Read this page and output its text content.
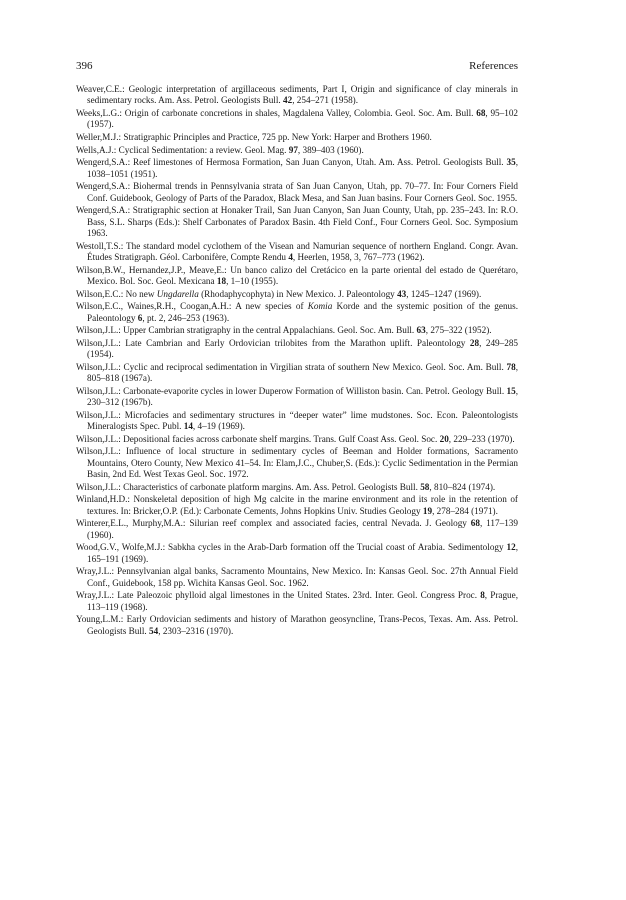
396	References

Weaver,C.E.: Geologic interpretation of argillaceous sediments, Part I, Origin and significance of clay minerals in sedimentary rocks. Am. Ass. Petrol. Geologists Bull. 42, 254–271 (1958).

Weeks,L.G.: Origin of carbonate concretions in shales, Magdalena Valley, Colombia. Geol. Soc. Am. Bull. 68, 95–102 (1957).

Weller,M.J.: Stratigraphic Principles and Practice, 725 pp. New York: Harper and Brothers 1960.

Wells,A.J.: Cyclical Sedimentation: a review. Geol. Mag. 97, 389–403 (1960).

Wengerd,S.A.: Reef limestones of Hermosa Formation, San Juan Canyon, Utah. Am. Ass. Petrol. Geologists Bull. 35, 1038–1051 (1951).

Wengerd,S.A.: Biohermal trends in Pennsylvania strata of San Juan Canyon, Utah, pp. 70–77. In: Four Corners Field Conf. Guidebook, Geology of Parts of the Paradox, Black Mesa, and San Juan basins. Four Corners Geol. Soc. 1955.

Wengerd,S.A.: Stratigraphic section at Honaker Trail, San Juan Canyon, San Juan County, Utah, pp. 235–243. In: R.O. Bass, S.L. Sharps (Eds.): Shelf Carbonates of Paradox Basin. 4th Field Conf., Four Corners Geol. Soc. Symposium 1963.

Westoll,T.S.: The standard model cyclothem of the Visean and Namurian sequence of northern England. Congr. Avan. Études Stratigraph. Géol. Carbonifère, Compte Rendu 4, Heerlen, 1958, 3, 767–773 (1962).

Wilson,B.W., Hernandez,J.P., Meave,E.: Un banco calizo del Cretácico en la parte oriental del estado de Querétaro, Mexico. Bol. Soc. Geol. Mexicana 18, 1–10 (1955).

Wilson,E.C.: No new Ungdarella (Rhodaphycophyta) in New Mexico. J. Paleontology 43, 1245–1247 (1969).

Wilson,E.C., Waines,R.H., Coogan,A.H.: A new species of Komia Korde and the systemic position of the genus. Paleontology 6, pt. 2, 246–253 (1963).

Wilson,J.L.: Upper Cambrian stratigraphy in the central Appalachians. Geol. Soc. Am. Bull. 63, 275–322 (1952).

Wilson,J.L.: Late Cambrian and Early Ordovician trilobites from the Marathon uplift. Paleontology 28, 249–285 (1954).

Wilson,J.L.: Cyclic and reciprocal sedimentation in Virgilian strata of southern New Mexico. Geol. Soc. Am. Bull. 78, 805–818 (1967a).

Wilson,J.L.: Carbonate-evaporite cycles in lower Duperow Formation of Williston basin. Can. Petrol. Geology Bull. 15, 230–312 (1967b).

Wilson,J.L.: Microfacies and sedimentary structures in “deeper water” lime mudstones. Soc. Econ. Paleontologists Mineralogists Spec. Publ. 14, 4–19 (1969).

Wilson,J.L.: Depositional facies across carbonate shelf margins. Trans. Gulf Coast Ass. Geol. Soc. 20, 229–233 (1970).

Wilson,J.L.: Influence of local structure in sedimentary cycles of Beeman and Holder formations, Sacramento Mountains, Otero County, New Mexico 41–54. In: Elam,J.C., Chuber,S. (Eds.): Cyclic Sedimentation in the Permian Basin, 2nd Ed. West Texas Geol. Soc. 1972.

Wilson,J.L.: Characteristics of carbonate platform margins. Am. Ass. Petrol. Geologists Bull. 58, 810–824 (1974).

Winland,H.D.: Nonskeletal deposition of high Mg calcite in the marine environment and its role in the retention of textures. In: Bricker,O.P. (Ed.): Carbonate Cements, Johns Hopkins Univ. Studies Geology 19, 278–284 (1971).

Winterer,E.L., Murphy,M.A.: Silurian reef complex and associated facies, central Nevada. J. Geology 68, 117–139 (1960).

Wood,G.V., Wolfe,M.J.: Sabkha cycles in the Arab-Darb formation off the Trucial coast of Arabia. Sedimentology 12, 165–191 (1969).

Wray,J.L.: Pennsylvanian algal banks, Sacramento Mountains, New Mexico. In: Kansas Geol. Soc. 27th Annual Field Conf., Guidebook, 158 pp. Wichita Kansas Geol. Soc. 1962.

Wray,J.L.: Late Paleozoic phylloid algal limestones in the United States. 23rd. Inter. Geol. Congress Proc. 8, Prague, 113–119 (1968).

Young,L.M.: Early Ordovician sediments and history of Marathon geosyncline, Trans-Pecos, Texas. Am. Ass. Petrol. Geologists Bull. 54, 2303–2316 (1970).
